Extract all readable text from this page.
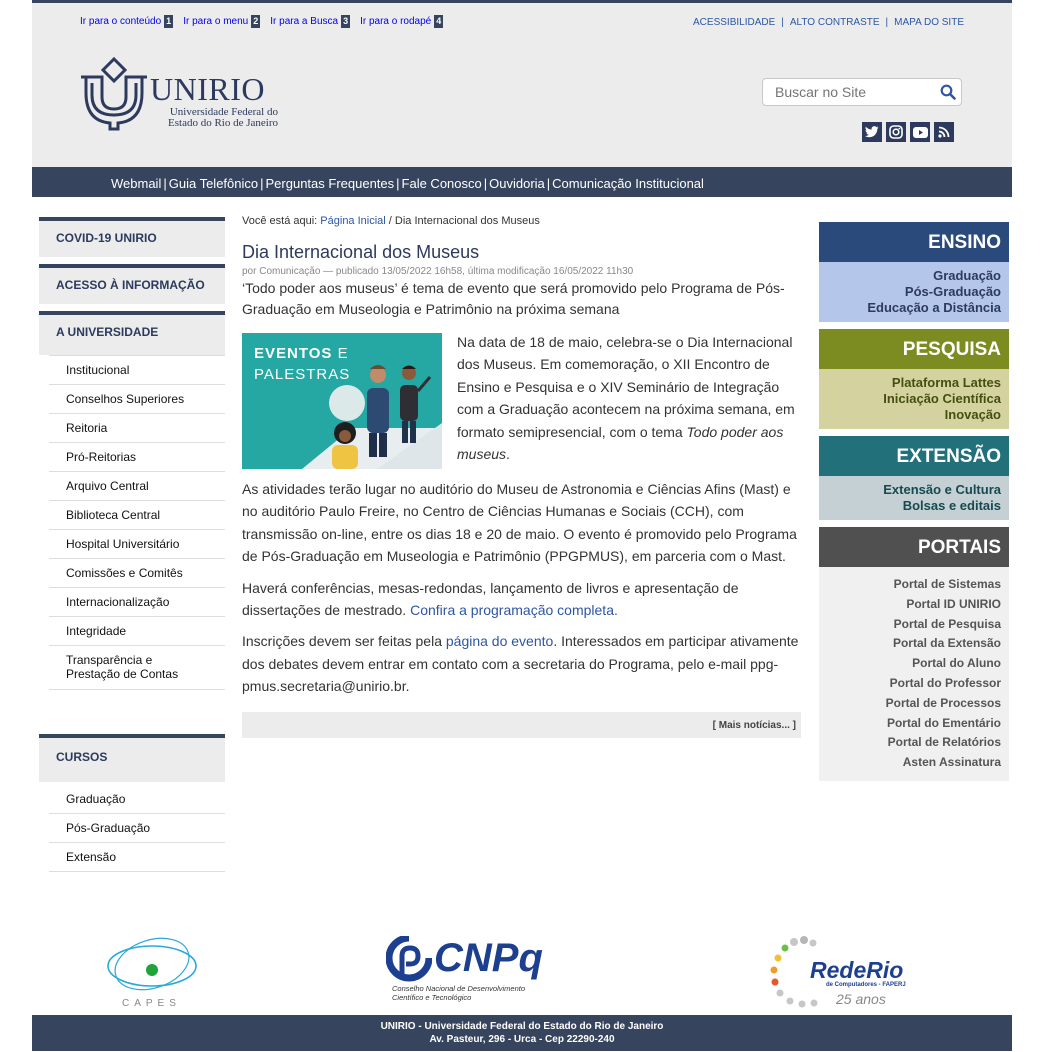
Ir para o conteúdo 1 Ir para o menu 2 Ir para a Busca 3 Ir para o rodapé 4	ACESSIBILIDADE | ALTO CONTRASTE | MAPA DO SITE
UNIRIO
Universidade Federal do
Estado do Rio de Janeiro
Buscar no Site
Webmail | Guia Telefônico | Perguntas Frequentes | Fale Conosco | Ouvidoria | Comunicação Institucional
COVID-19 UNIRIO
ACESSO À INFORMAÇÃO
A UNIVERSIDADE
Institucional
Conselhos Superiores
Reitoria
Pró-Reitorias
Arquivo Central
Biblioteca Central
Hospital Universitário
Comissões e Comitês
Internacionalização
Integridade
Transparência e
Prestação de Contas
CURSOS
Graduação
Pós-Graduação
Extensão
Você está aqui: Página Inicial / Dia Internacional dos Museus
Dia Internacional dos Museus
por Comunicação — publicado 13/05/2022 16h58, última modificação 16/05/2022 11h30
‘Todo poder aos museus’ é tema de evento que será promovido pelo Programa de Pós-Graduação em Museologia e Patrimônio na próxima semana
EVENTOS E
PALESTRAS

Na data de 18 de maio, celebra-se o Dia Internacional dos Museus. Em comemoração, o XII Encontro de Ensino e Pesquisa e o XIV Seminário de Integração com a Graduação acontecem na próxima semana, em formato semipresencial, com o tema Todo poder aos museus.

As atividades terão lugar no auditório do Museu de Astronomia e Ciências Afins (Mast) e no auditório Paulo Freire, no Centro de Ciências Humanas e Sociais (CCH), com transmissão on-line, entre os dias 18 e 20 de maio. O evento é promovido pelo Programa de Pós-Graduação em Museologia e Patrimônio (PPGPMUS), em parceria com o Mast.
Haverá conferências, mesas-redondas, lançamento de livros e apresentação de dissertações de mestrado. Confira a programação completa.
Inscrições devem ser feitas pela página do evento. Interessados em participar ativamente dos debates devem entrar em contato com a secretaria do Programa, pelo e-mail ppg-pmus.secretaria@unirio.br.
[ Mais notícias... ]
ENSINO
Graduação
Pós-Graduação
Educação a Distância
PESQUISA
Plataforma Lattes
Iniciação Científica
Inovação
EXTENSÃO
Extensão e Cultura
Bolsas e editais
PORTAIS
Portal de Sistemas
Portal ID UNIRIO
Portal de Pesquisa
Portal da Extensão
Portal do Aluno
Portal do Professor
Portal de Processos
Portal do Ementário
Portal de Relatórios
Asten Assinatura
CAPES
CNPq
Conselho Nacional de Desenvolvimento
Científico e Tecnológico
RedeRio
de Computadores - FAPERJ
25 anos
UNIRIO - Universidade Federal do Estado do Rio de Janeiro
Av. Pasteur, 296 - Urca - Cep 22290-240
